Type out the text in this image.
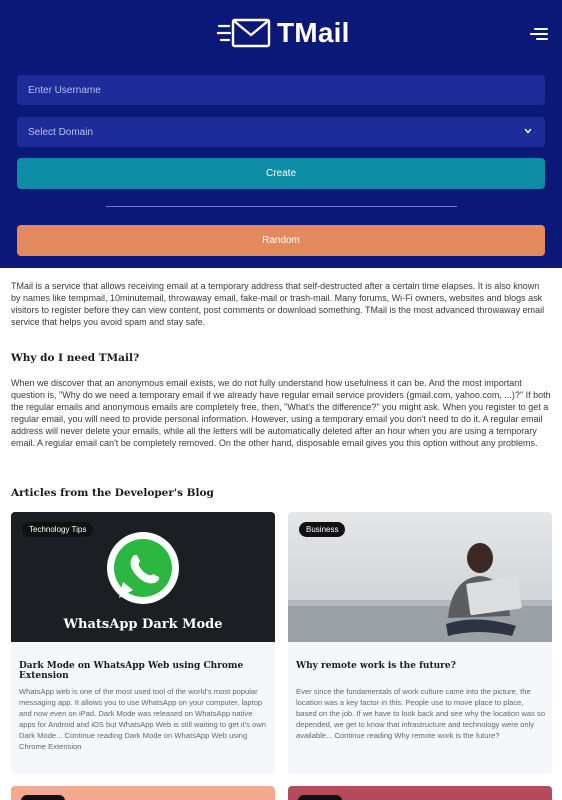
TMail
Enter Username
Select Domain
Create
Random

TMail is a service that allows receiving email at a temporary address that self-destructed after a certain time elapses. It is also known by names like tempmail, 10minutemail, throwaway email, fake-mail or trash-mail. Many forums, Wi-Fi owners, websites and blogs ask visitors to register before they can view content, post comments or download something. TMail is the most advanced throwaway email service that helps you avoid spam and stay safe.

Why do I need TMail?

When we discover that an anonymous email exists, we do not fully understand how usefulness it can be. And the most important question is, "Why do we need a temporary email if we already have regular email service providers (gmail.com, yahoo.com, ...)?" If both the regular emails and anonymous emails are completely free, then, "What's the difference?" you might ask. When you register to get a regular email, you will need to provide personal information. However, using a temporary email you don't need to do it. A regular email address will never delete your emails, while all the letters will be automatically deleted after an hour when you are using a temporary email. A regular email can't be completely removed. On the other hand, disposable email gives you this option without any problems.

Articles from the Developer's Blog
WhatsApp Dark Mode
Technology Tips
Dark Mode on WhatsApp Web using Chrome Extension

WhatsApp web is one of the most used tool of the world's most popular messaging app. It allows you to use WhatsApp on your computer, laptop and now even on iPad. Dark Mode was released on WhatsApp native apps for Android and iOS but WhatsApp Web is still waiting to get it's own Dark Mode... Continue reading Dark Mode on WhatsApp Web using Chrome Extension

Business
Why remote work is the future?

Ever since the fundamentals of work culture came into the picture, the location was a key factor in this. People use to move place to place, based on the job. If we have to look back and see why the location was so depended, we get to know that infrastructure and technology were only available... Continue reading Why remote work is the future?
